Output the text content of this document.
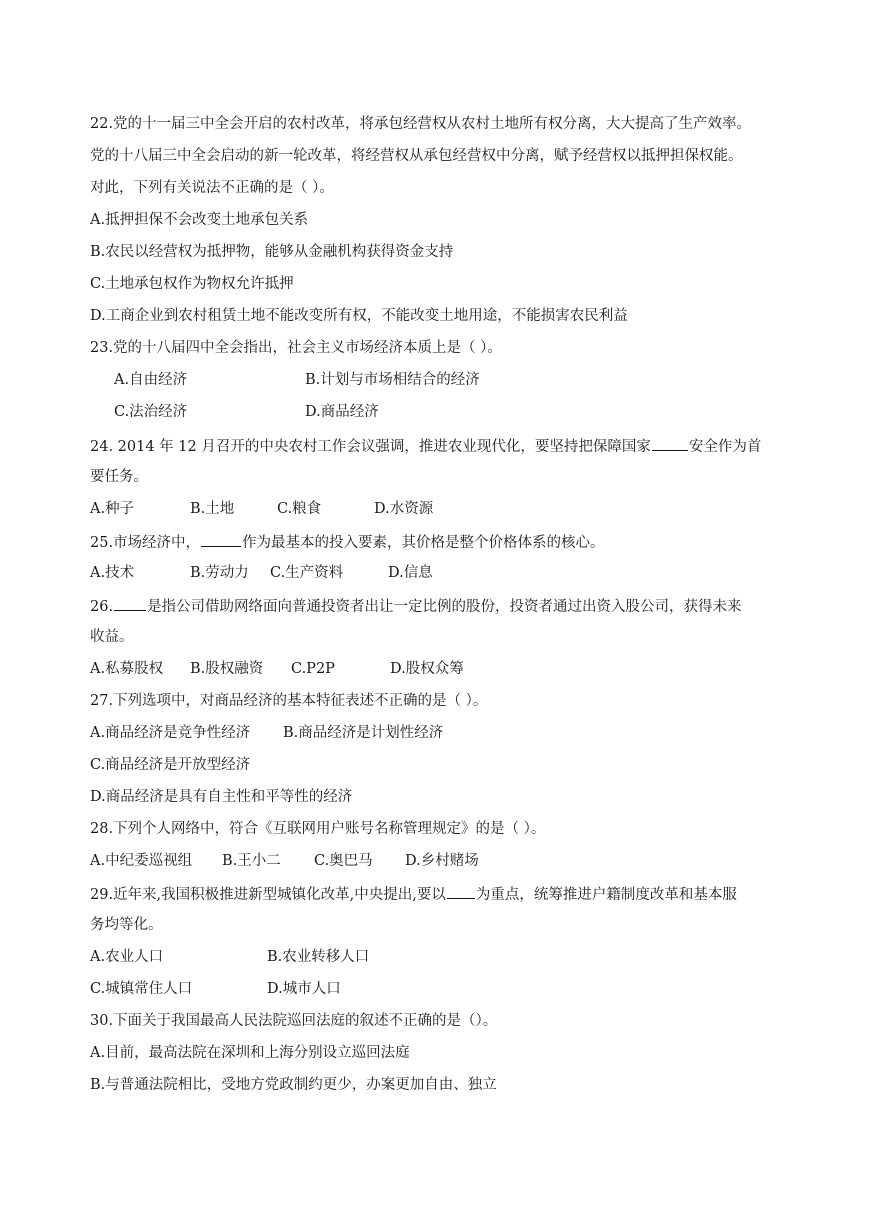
22.党的十一届三中全会开启的农村改革，将承包经营权从农村土地所有权分离，大大提高了生产效率。
党的十八届三中全会启动的新一轮改革，将经营权从承包经营权中分离，赋予经营权以抵押担保权能。
对此，下列有关说法不正确的是（ ）。
A.抵押担保不会改变土地承包关系
B.农民以经营权为抵押物，能够从金融机构获得资金支持
C.土地承包权作为物权允许抵押
D.工商企业到农村租赁土地不能改变所有权，不能改变土地用途，不能损害农民利益
23.党的十八届四中全会指出，社会主义市场经济本质上是（ ）。
A.自由经济	B.计划与市场相结合的经济
C.法治经济	D.商品经济
24. 2014 年 12 月召开的中央农村工作会议强调，推进农业现代化，要坚持把保障国家	安全作为首
要任务。
A.种子	B.土地	C.粮食	D.水资源
25.市场经济中，	作为最基本的投入要素，其价格是整个价格体系的核心。
A.技术	B.劳动力 C.生产资料	D.信息
26. 是指公司借助网络面向普通投资者出让一定比例的股份，投资者通过出资入股公司，获得未来
收益。
A.私募股权 B.股权融资 C.P2P	D.股权众筹
27.下列选项中，对商品经济的基本特征表述不正确的是（ ）。
A.商品经济是竞争性经济 B.商品经济是计划性经济
C.商品经济是开放型经济
D.商品经济是具有自主性和平等性的经济
28.下列个人网络中，符合《互联网用户账号名称管理规定》的是（ ）。
A.中纪委巡视组 B.王小二 C.奥巴马 D.乡村赌场
29.近年来,我国积极推进新型城镇化改革,中央提出,要以 为重点，统筹推进户籍制度改革和基本服
务均等化。
A.农业人口	B.农业转移人口
C.城镇常住人口	D.城市人口
30.下面关于我国最高人民法院巡回法庭的叙述不正确的是（）。
A.目前，最高法院在深圳和上海分别设立巡回法庭
B.与普通法院相比，受地方党政制约更少，办案更加自由、独立
